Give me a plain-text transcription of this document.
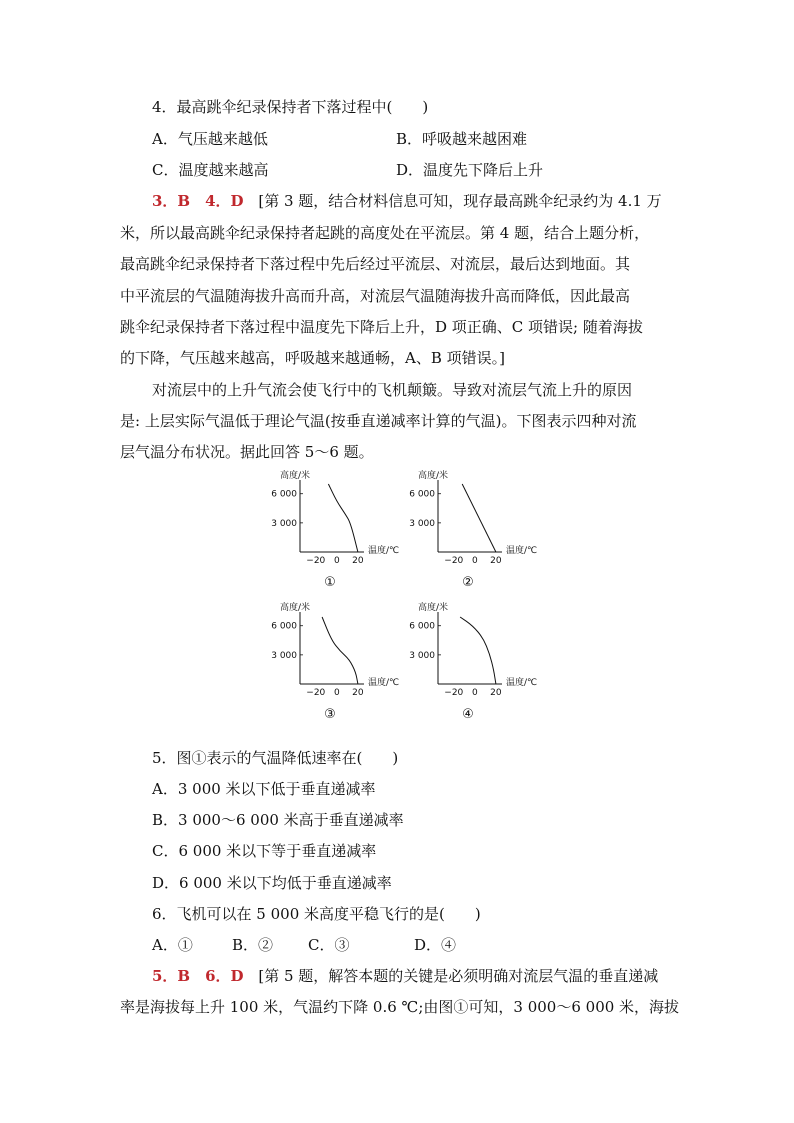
4．最高跳伞纪录保持者下落过程中(　　)
A．气压越来越低	B．呼吸越来越困难
C．温度越来越高	D．温度先下降后上升
3．B　4．D [第 3 题，结合材料信息可知，现存最高跳伞纪录约为 4.1 万
米，所以最高跳伞纪录保持者起跳的高度处在平流层。第 4 题，结合上题分析，
最高跳伞纪录保持者下落过程中先后经过平流层、对流层，最后达到地面。其
中平流层的气温随海拔升高而升高，对流层气温随海拔升高而降低，因此最高
跳伞纪录保持者下落过程中温度先下降后上升，D 项正确、C 项错误; 随着海拔
的下降，气压越来越高，呼吸越来越通畅，A、B 项错误。]
对流层中的上升气流会使飞行中的飞机颠簸。导致对流层气流上升的原因
是: 上层实际气温低于理论气温(按垂直递减率计算的气温)。下图表示四种对流
层气温分布状况。据此回答 5～6 题。
高度/米
6 000
3 000
−20 0 20
温度/℃
①
高度/米
6 000
3 000
−20 0 20
温度/℃
②
高度/米
6 000
3 000
−20 0 20
温度/℃
③
高度/米
6 000
3 000
−20 0 20
温度/℃
④
5．图①表示的气温降低速率在(　　)
A．3 000 米以下低于垂直递减率
B．3 000～6 000 米高于垂直递减率
C．6 000 米以下等于垂直递减率
D．6 000 米以下均低于垂直递减率
6．飞机可以在 5 000 米高度平稳飞行的是(　　)
A．①	B．② C．③	D．④
5．B　6．D [第 5 题，解答本题的关键是必须明确对流层气温的垂直递减
率是海拔每上升 100 米，气温约下降 0.6 ℃;由图①可知，3 000～6 000 米，海拔
